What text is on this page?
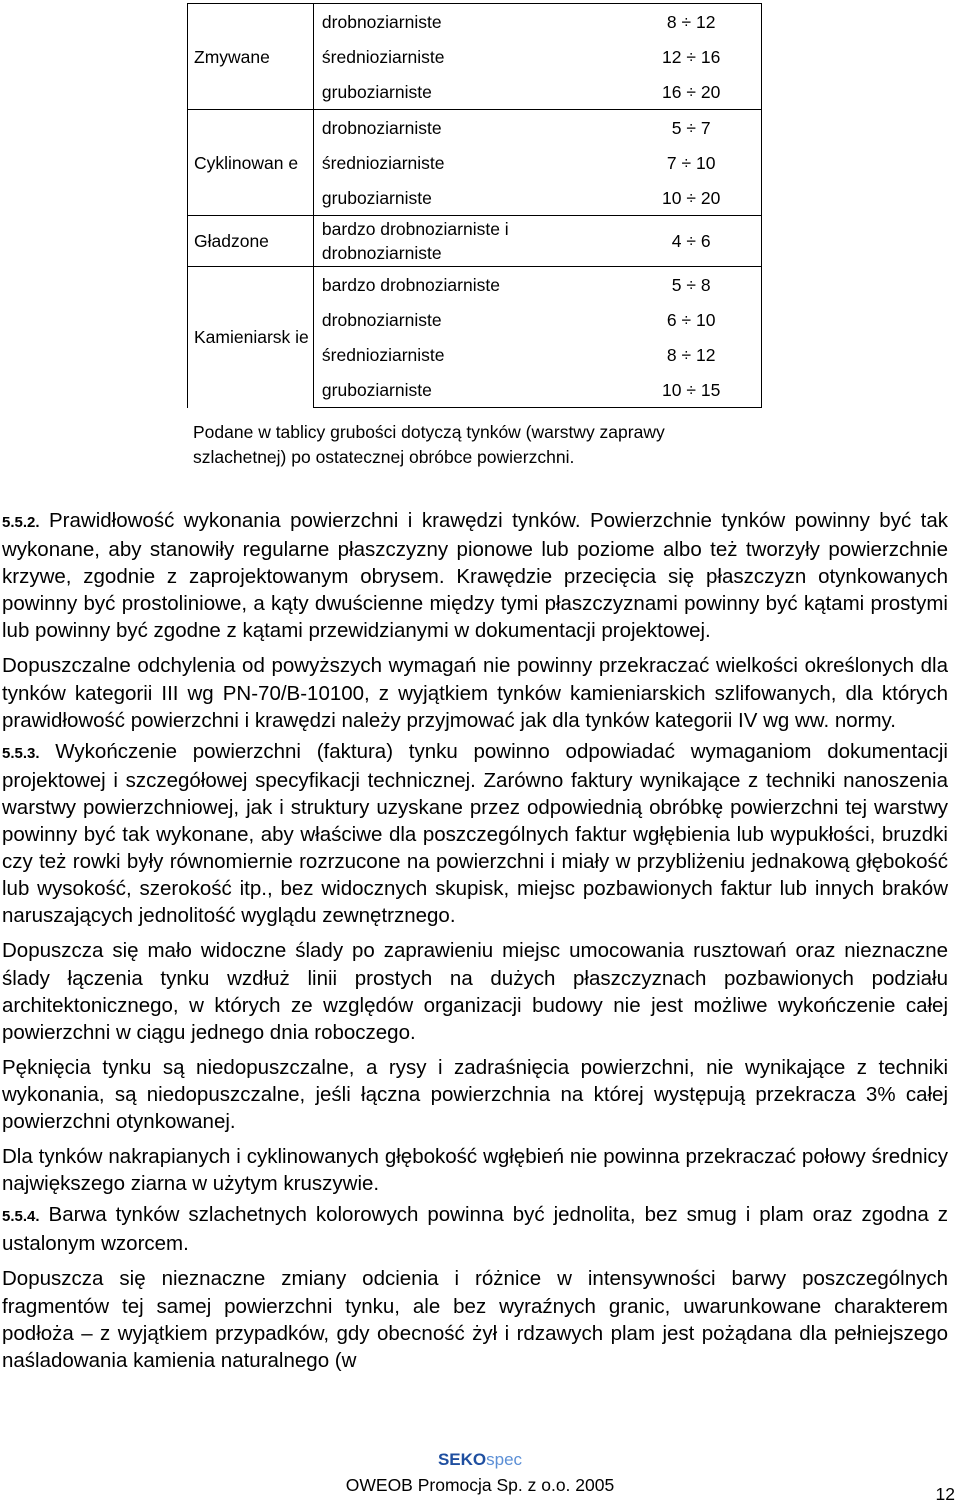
Zmywane	drobnoziarniste	8 ÷ 12
	średnioziarniste	12 ÷ 16
	gruboziarniste	16 ÷ 20
Cyklinowan e	drobnoziarniste	5 ÷ 7
	średnioziarniste	7 ÷ 10
	gruboziarniste	10 ÷ 20
Gładzone	bardzo drobnoziarniste i drobnoziarniste	4 ÷ 6
Kamieniarsk ie	bardzo drobnoziarniste	5 ÷ 8
	drobnoziarniste	6 ÷ 10
	średnioziarniste	8 ÷ 12
	gruboziarniste	10 ÷ 15
Podane w tablicy grubości dotyczą tynków (warstwy zaprawy szlachetnej) po ostatecznej obróbce powierzchni.

5.5.2. Prawidłowość wykonania powierzchni i krawędzi tynków. Powierzchnie tynków powinny być tak wykonane, aby stanowiły regularne płaszczyzny pionowe lub poziome albo też tworzyły powierzchnie krzywe, zgodnie z zaprojektowanym obrysem. Krawędzie przecięcia się płaszczyzn otynkowanych powinny być prostoliniowe, a kąty dwuścienne między tymi płaszczyznami powinny być kątami prostymi lub powinny być zgodne z kątami przewidzianymi w dokumentacji projektowej.

Dopuszczalne odchylenia od powyższych wymagań nie powinny przekraczać wielkości określonych dla tynków kategorii III wg PN-70/B-10100, z wyjątkiem tynków kamieniarskich szlifowanych, dla których prawidłowość powierzchni i krawędzi należy przyjmować jak dla tynków kategorii IV wg ww. normy.

5.5.3. Wykończenie powierzchni (faktura) tynku powinno odpowiadać wymaganiom dokumentacji projektowej i szczegółowej specyfikacji technicznej. Zarówno faktury wynikające z techniki nanoszenia warstwy powierzchniowej, jak i struktury uzyskane przez odpowiednią obróbkę powierzchni tej warstwy powinny być tak wykonane, aby właściwe dla poszczególnych faktur wgłębienia lub wypukłości, bruzdki czy też rowki były równomiernie rozrzucone na powierzchni i miały w przybliżeniu jednakową głębokość lub wysokość, szerokość itp., bez widocznych skupisk, miejsc pozbawionych faktur lub innych braków naruszających jednolitość wyglądu zewnętrznego.

Dopuszcza się mało widoczne ślady po zaprawieniu miejsc umocowania rusztowań oraz nieznaczne ślady łączenia tynku wzdłuż linii prostych na dużych płaszczyznach pozbawionych podziału architektonicznego, w których ze względów organizacji budowy nie jest możliwe wykończenie całej powierzchni w ciągu jednego dnia roboczego.

Pęknięcia tynku są niedopuszczalne, a rysy i zadraśnięcia powierzchni, nie wynikające z techniki wykonania, są niedopuszczalne, jeśli łączna powierzchnia na której występują przekracza 3% całej powierzchni otynkowanej.

Dla tynków nakrapianych i cyklinowanych głębokość wgłębień nie powinna przekraczać połowy średnicy największego ziarna w użytym kruszywie.

5.5.4. Barwa tynków szlachetnych kolorowych powinna być jednolita, bez smug i plam oraz zgodna z ustalonym wzorcem.

Dopuszcza się nieznaczne zmiany odcienia i różnice w intensywności barwy poszczególnych fragmentów tej samej powierzchni tynku, ale bez wyraźnych granic, uwarunkowane charakterem podłoża – z wyjątkiem przypadków, gdy obecność żył i rdzawych plam jest pożądana dla pełniejszego naśladowania kamienia naturalnego (w

SEKOspec
OWEOB Promocja Sp. z o.o. 2005	12
